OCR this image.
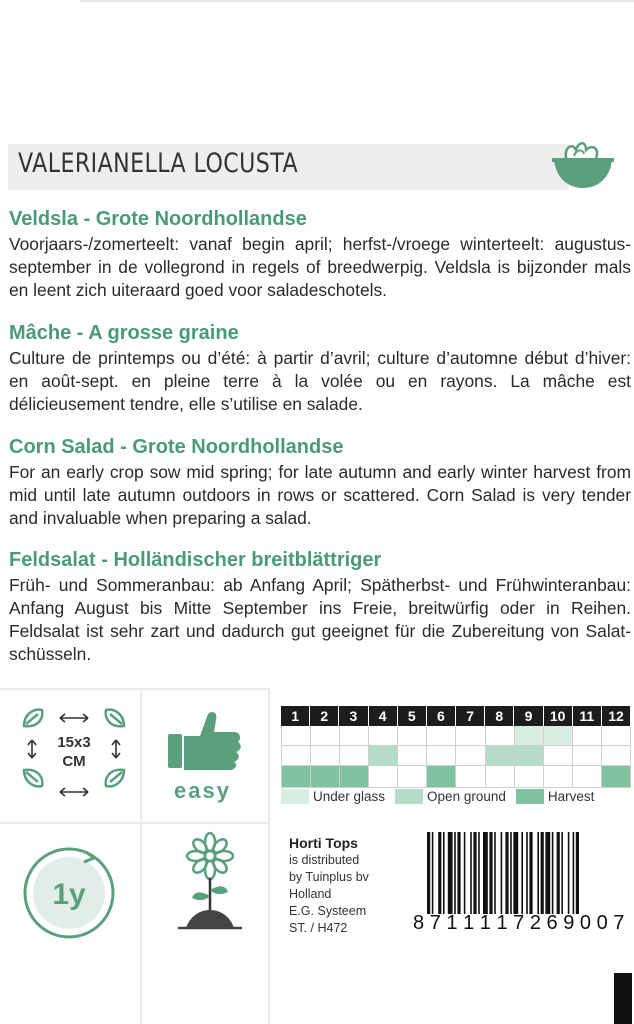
VALERIANELLA LOCUSTA
Veldsla - Grote Noordhollandse

Voorjaars-/zomerteelt: vanaf begin april; herfst-/vroege winterteelt: augustus-september in de vollegrond in regels of breedwerpig. Veldsla is bijzonder mals en leent zich uiteraard goed voor saladeschotels.

Mâche - A grosse graine

Culture de printemps ou d’été: à partir d’avril; culture d’automne début d’hiver: en août-sept. en pleine terre à la volée ou en rayons. La mâche est délicieusement tendre, elle s’utilise en salade.

Corn Salad - Grote Noordhollandse

For an early crop sow mid spring; for late autumn and early winter harvest from mid until late autumn outdoors in rows or scattered. Corn Salad is very tender and invaluable when preparing a salad.

Feldsalat - Holländischer breitblättriger

Früh- und Sommeranbau: ab Anfang April; Spätherbst- und Frühwinteranbau: Anfang August bis Mitte September ins Freie, breitwürfig oder in Reihen. Feldsalat ist sehr zart und dadurch gut geeignet für die Zubereitung von Salat-schüsseln.

15x3
CM
easy
1y
1	2	3	4	5	6	7	8	9	10 11 12
Under glass	Open ground	Harvest
Horti Tops
is distributed
by Tuinplus bv
Holland
E.G. Systeem
ST. / H472	8 7 1 1 1 1 7 2 6 9 0 0 7
